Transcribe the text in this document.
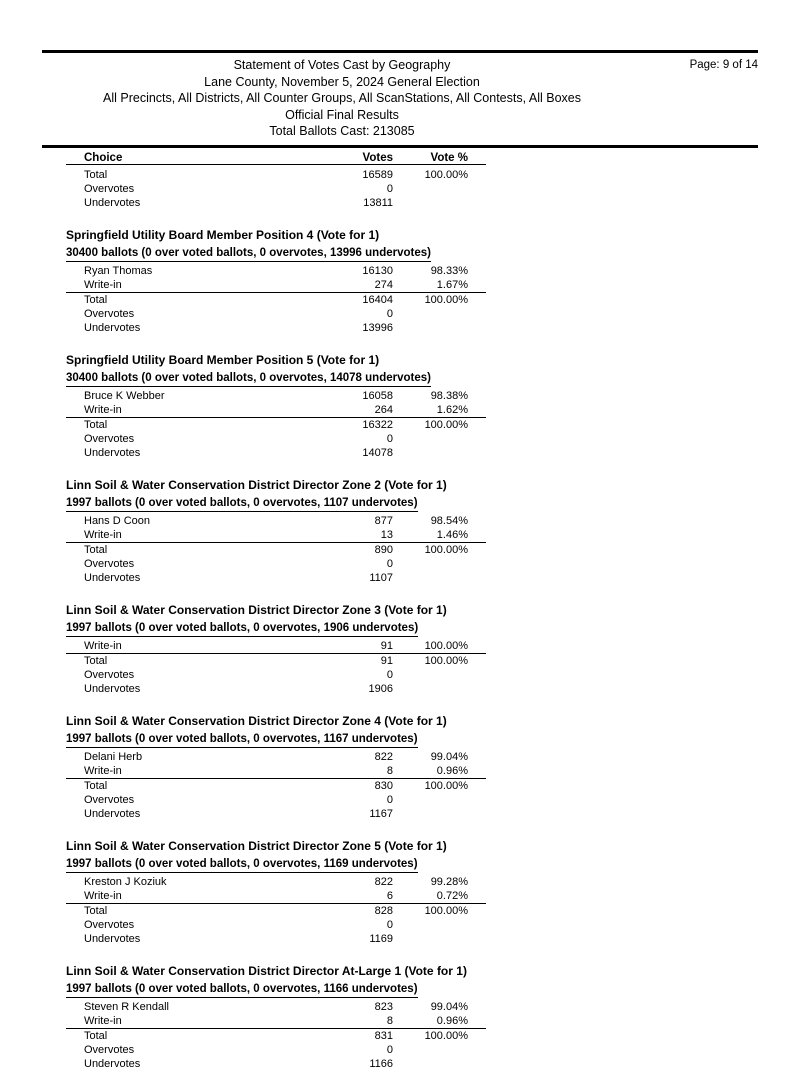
Statement of Votes Cast by Geography
Lane County, November 5, 2024 General Election
All Precincts, All Districts, All Counter Groups, All ScanStations, All Contests, All Boxes
Official Final Results
Total Ballots Cast: 213085
Page: 9 of 14
Choice	Votes	Vote %
Total	16589	100.00%
Overvotes	0	
Undervotes	13811	
Springfield Utility Board Member Position 4 (Vote for 1)
30400 ballots (0 over voted ballots, 0 overvotes, 13996 undervotes)
Ryan Thomas	16130	98.33%
Write-in	274	1.67%
Total	16404	100.00%
Overvotes	0	
Undervotes	13996	
Springfield Utility Board Member Position 5 (Vote for 1)
30400 ballots (0 over voted ballots, 0 overvotes, 14078 undervotes)
Bruce K Webber	16058	98.38%
Write-in	264	1.62%
Total	16322	100.00%
Overvotes	0	
Undervotes	14078	
Linn Soil & Water Conservation District Director Zone 2 (Vote for 1)
1997 ballots (0 over voted ballots, 0 overvotes, 1107 undervotes)
Hans D Coon	877	98.54%
Write-in	13	1.46%
Total	890	100.00%
Overvotes	0	
Undervotes	1107	
Linn Soil & Water Conservation District Director Zone 3 (Vote for 1)
1997 ballots (0 over voted ballots, 0 overvotes, 1906 undervotes)
Write-in	91	100.00%
Total	91	100.00%
Overvotes	0	
Undervotes	1906	
Linn Soil & Water Conservation District Director Zone 4 (Vote for 1)
1997 ballots (0 over voted ballots, 0 overvotes, 1167 undervotes)
Delani Herb	822	99.04%
Write-in	8	0.96%
Total	830	100.00%
Overvotes	0	
Undervotes	1167	
Linn Soil & Water Conservation District Director Zone 5 (Vote for 1)
1997 ballots (0 over voted ballots, 0 overvotes, 1169 undervotes)
Kreston J Koziuk	822	99.28%
Write-in	6	0.72%
Total	828	100.00%
Overvotes	0	
Undervotes	1169	
Linn Soil & Water Conservation District Director At-Large 1 (Vote for 1)
1997 ballots (0 over voted ballots, 0 overvotes, 1166 undervotes)
Steven R Kendall	823	99.04%
Write-in	8	0.96%
Total	831	100.00%
Overvotes	0	
Undervotes	1166	
